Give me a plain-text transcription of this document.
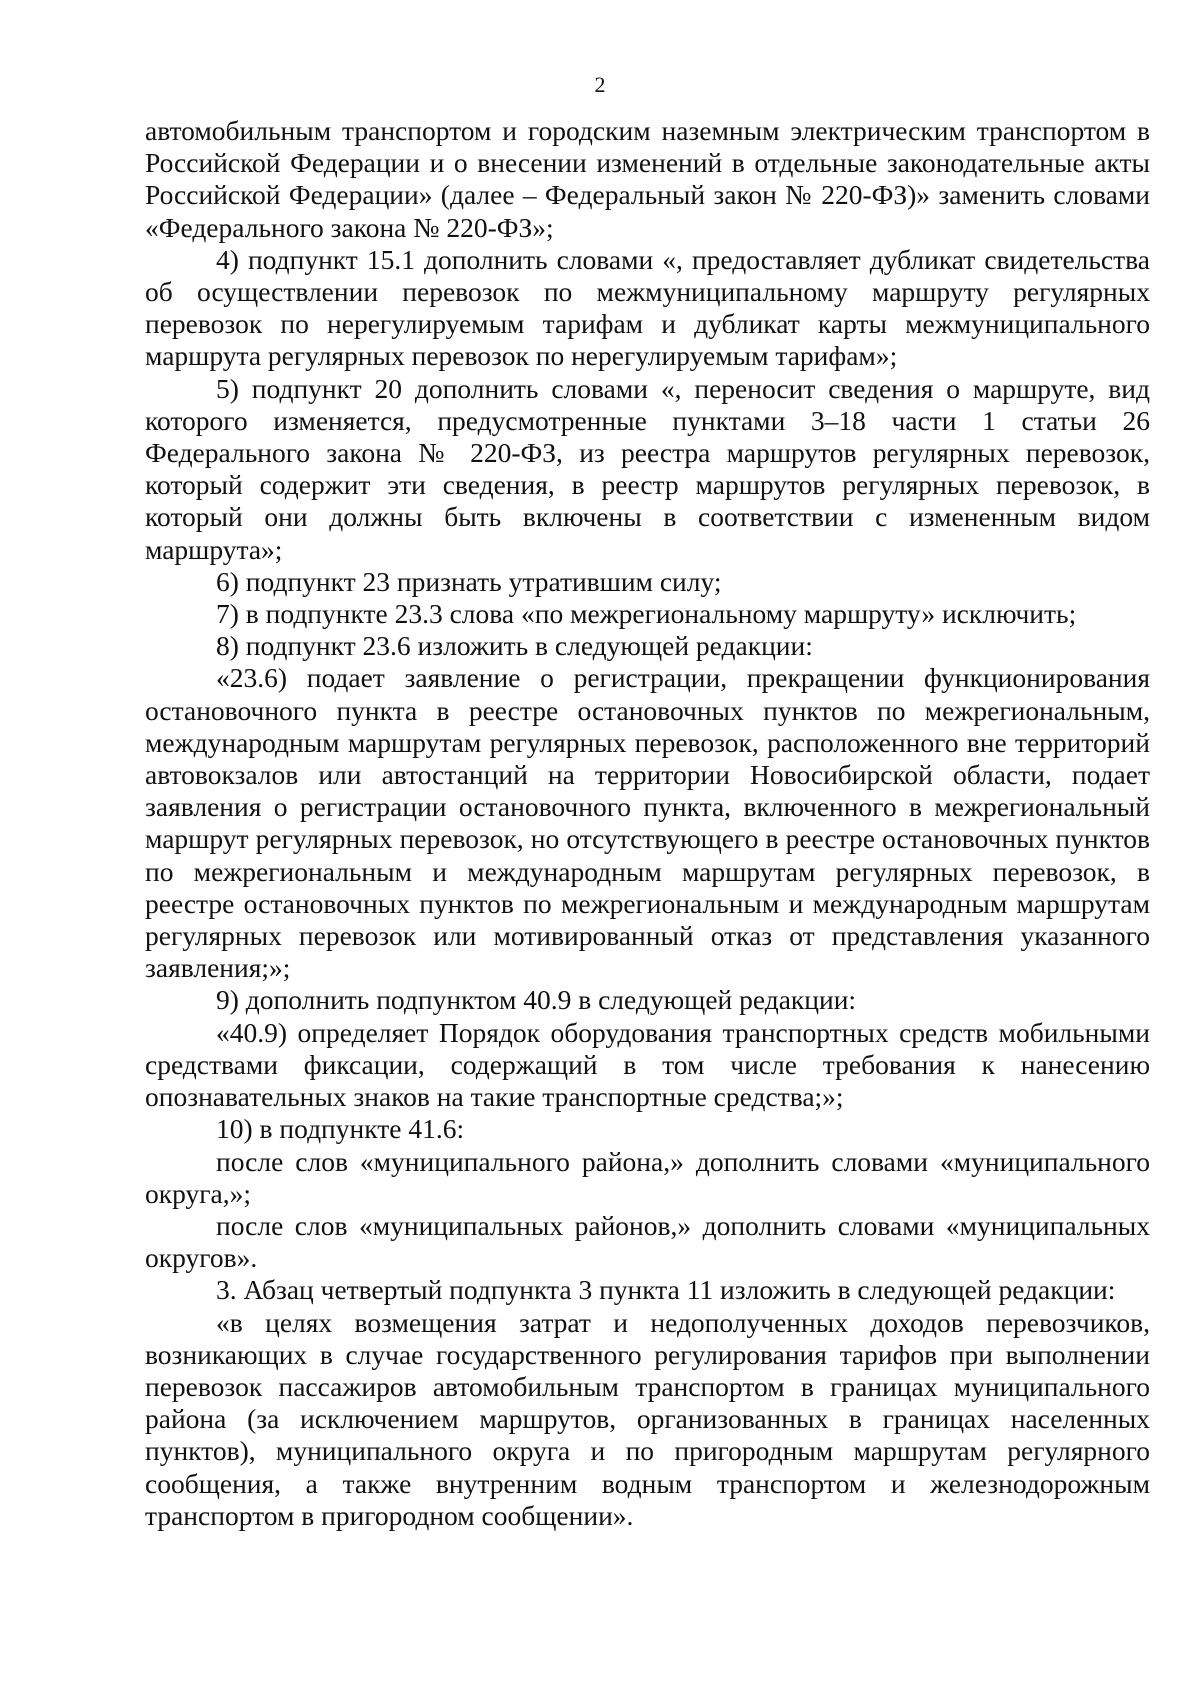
2

автомобильным транспортом и городским наземным электрическим транспортом в Российской Федерации и о внесении изменений в отдельные законодательные акты Российской Федерации» (далее – Федеральный закон № 220-ФЗ)» заменить словами «Федерального закона № 220-ФЗ»;

4) подпункт 15.1 дополнить словами «, предоставляет дубликат свидетельства об осуществлении перевозок по межмуниципальному маршруту регулярных перевозок по нерегулируемым тарифам и дубликат карты межмуниципального маршрута регулярных перевозок по нерегулируемым тарифам»;

5) подпункт 20 дополнить словами «, переносит сведения о маршруте, вид которого изменяется, предусмотренные пунктами 3–18 части 1 статьи 26 Федерального закона № 220-ФЗ, из реестра маршрутов регулярных перевозок, который содержит эти сведения, в реестр маршрутов регулярных перевозок, в который они должны быть включены в соответствии с измененным видом маршрута»;

6) подпункт 23 признать утратившим силу;

7) в подпункте 23.3 слова «по межрегиональному маршруту» исключить;

8) подпункт 23.6 изложить в следующей редакции:

«23.6) подает заявление о регистрации, прекращении функционирования остановочного пункта в реестре остановочных пунктов по межрегиональным, международным маршрутам регулярных перевозок, расположенного вне территорий автовокзалов или автостанций на территории Новосибирской области, подает заявления о регистрации остановочного пункта, включенного в межрегиональный маршрут регулярных перевозок, но отсутствующего в реестре остановочных пунктов по межрегиональным и международным маршрутам регулярных перевозок, в реестре остановочных пунктов по межрегиональным и международным маршрутам регулярных перевозок или мотивированный отказ от представления указанного заявления;»;

9) дополнить подпунктом 40.9 в следующей редакции:

«40.9) определяет Порядок оборудования транспортных средств мобильными средствами фиксации, содержащий в том числе требования к нанесению опознавательных знаков на такие транспортные средства;»;

10) в подпункте 41.6:

после слов «муниципального района,» дополнить словами «муниципального округа,»;

после слов «муниципальных районов,» дополнить словами «муниципальных округов».

3. Абзац четвертый подпункта 3 пункта 11 изложить в следующей редакции:

«в целях возмещения затрат и недополученных доходов перевозчиков, возникающих в случае государственного регулирования тарифов при выполнении перевозок пассажиров автомобильным транспортом в границах муниципального района (за исключением маршрутов, организованных в границах населенных пунктов), муниципального округа и по пригородным маршрутам регулярного сообщения, а также внутренним водным транспортом и железнодорожным транспортом в пригородном сообщении».
